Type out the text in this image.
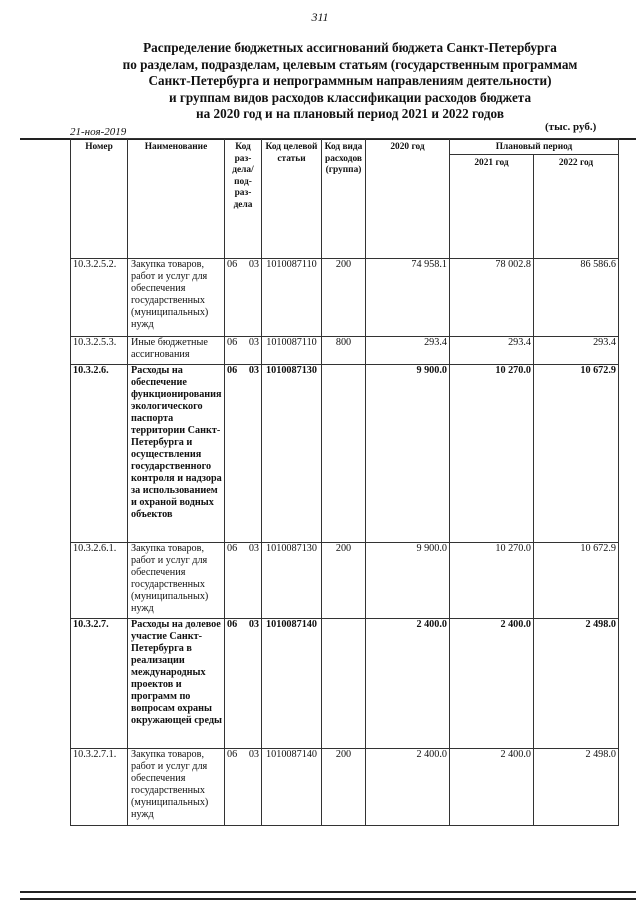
311
Распределение бюджетных ассигнований бюджета Санкт-Петербурга
по разделам, подразделам, целевым статьям (государственным программам
Санкт-Петербурга и непрограммным направлениям деятельности)
и группам видов расходов классификации расходов бюджета
на 2020 год и на плановый период 2021 и 2022 годов
21-ноя-2019	(тыс. руб.)
Номер	Наименование	Код раз-дела/ под-раз-дела	Код целевой статьи	Код вида расходов (группа)	2020 год	Плановый период	
						2021 год	2022 год
10.3.2.5.2.	Закупка товаров, работ и услуг для обеспечения государственных (муниципальных) нужд	06 03	1010087110	200	74 958.1	78 002.8	86 586.6
10.3.2.5.3.	Иные бюджетные ассигнования	06 03	1010087110	800	293.4	293.4	293.4
10.3.2.6.	Расходы на обеспечение функционирования экологического паспорта территории Санкт-Петербурга и осуществления государственного контроля и надзора за использованием и охраной водных объектов	06 03	1010087130		9 900.0	10 270.0	10 672.9
10.3.2.6.1.	Закупка товаров, работ и услуг для обеспечения государственных (муниципальных) нужд	06 03	1010087130	200	9 900.0	10 270.0	10 672.9
10.3.2.7.	Расходы на долевое участие Санкт-Петербурга в реализации международных проектов и программ по вопросам охраны окружающей среды	06 03	1010087140		2 400.0	2 400.0	2 498.0
10.3.2.7.1.	Закупка товаров, работ и услуг для обеспечения государственных (муниципальных) нужд	06 03	1010087140	200	2 400.0	2 400.0	2 498.0
